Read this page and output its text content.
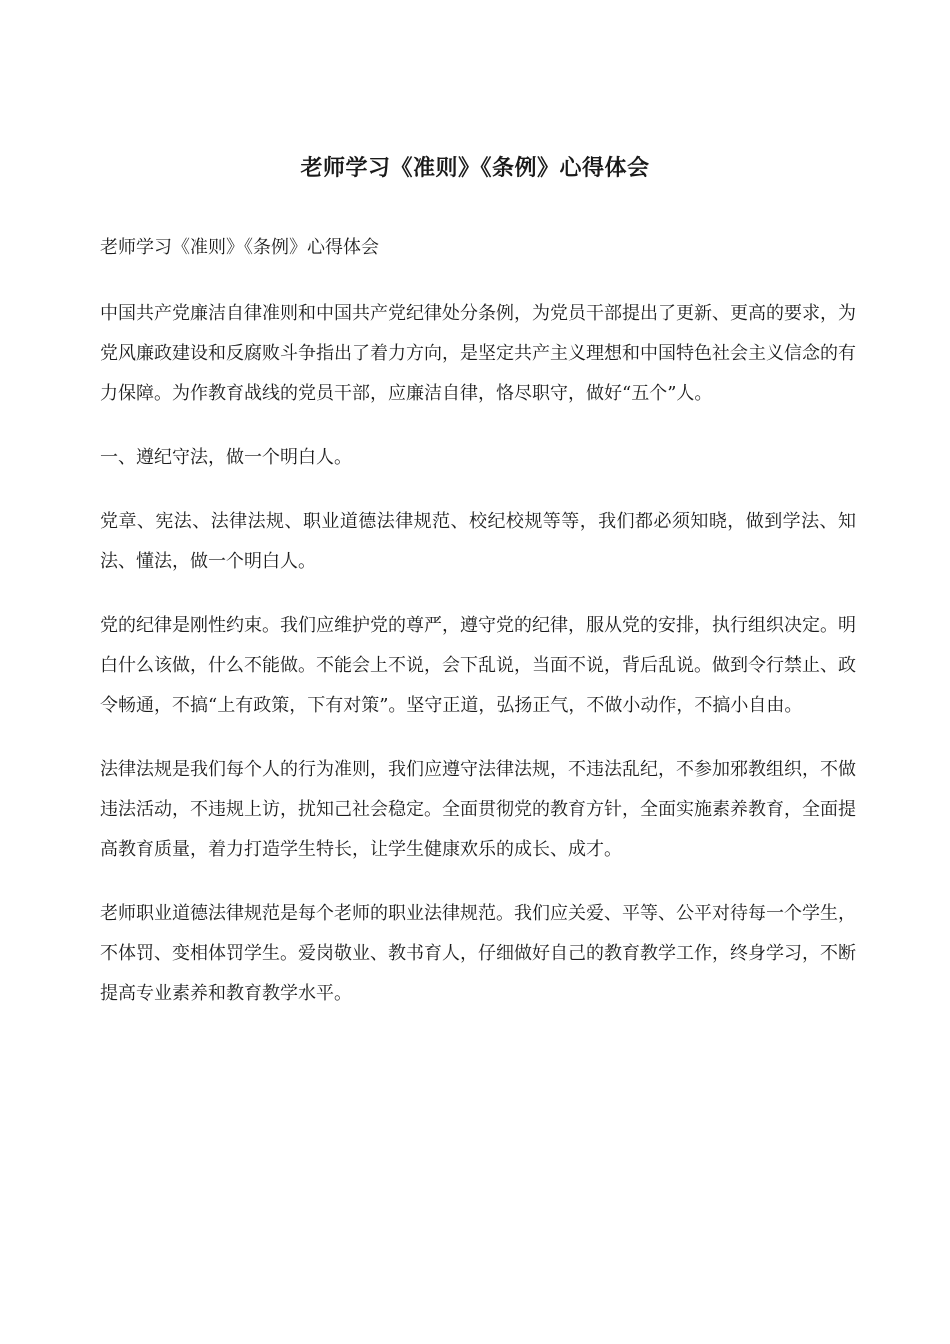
老师学习《准则》《条例》心得体会

老师学习《准则》《条例》心得体会

中国共产党廉洁自律准则和中国共产党纪律处分条例，为党员干部提出了更新、更高的要求，为党风廉政建设和反腐败斗争指出了着力方向，是坚定共产主义理想和中国特色社会主义信念的有力保障。为作教育战线的党员干部，应廉洁自律，恪尽职守，做好“五个”人。

一、遵纪守法，做一个明白人。

党章、宪法、法律法规、职业道德法律规范、校纪校规等等，我们都必须知晓，做到学法、知法、懂法，做一个明白人。

党的纪律是刚性约束。我们应维护党的尊严，遵守党的纪律，服从党的安排，执行组织决定。明白什么该做，什么不能做。不能会上不说，会下乱说，当面不说，背后乱说。做到令行禁止、政令畅通，不搞“上有政策，下有对策”。坚守正道，弘扬正气，不做小动作，不搞小自由。

法律法规是我们每个人的行为准则，我们应遵守法律法规，不违法乱纪，不参加邪教组织，不做违法活动，不违规上访，扰知己社会稳定。全面贯彻党的教育方针，全面实施素养教育，全面提高教育质量，着力打造学生特长，让学生健康欢乐的成长、成才。

老师职业道德法律规范是每个老师的职业法律规范。我们应关爱、平等、公平对待每一个学生，不体罚、变相体罚学生。爱岗敬业、教书育人，仔细做好自己的教育教学工作，终身学习，不断提高专业素养和教育教学水平。
